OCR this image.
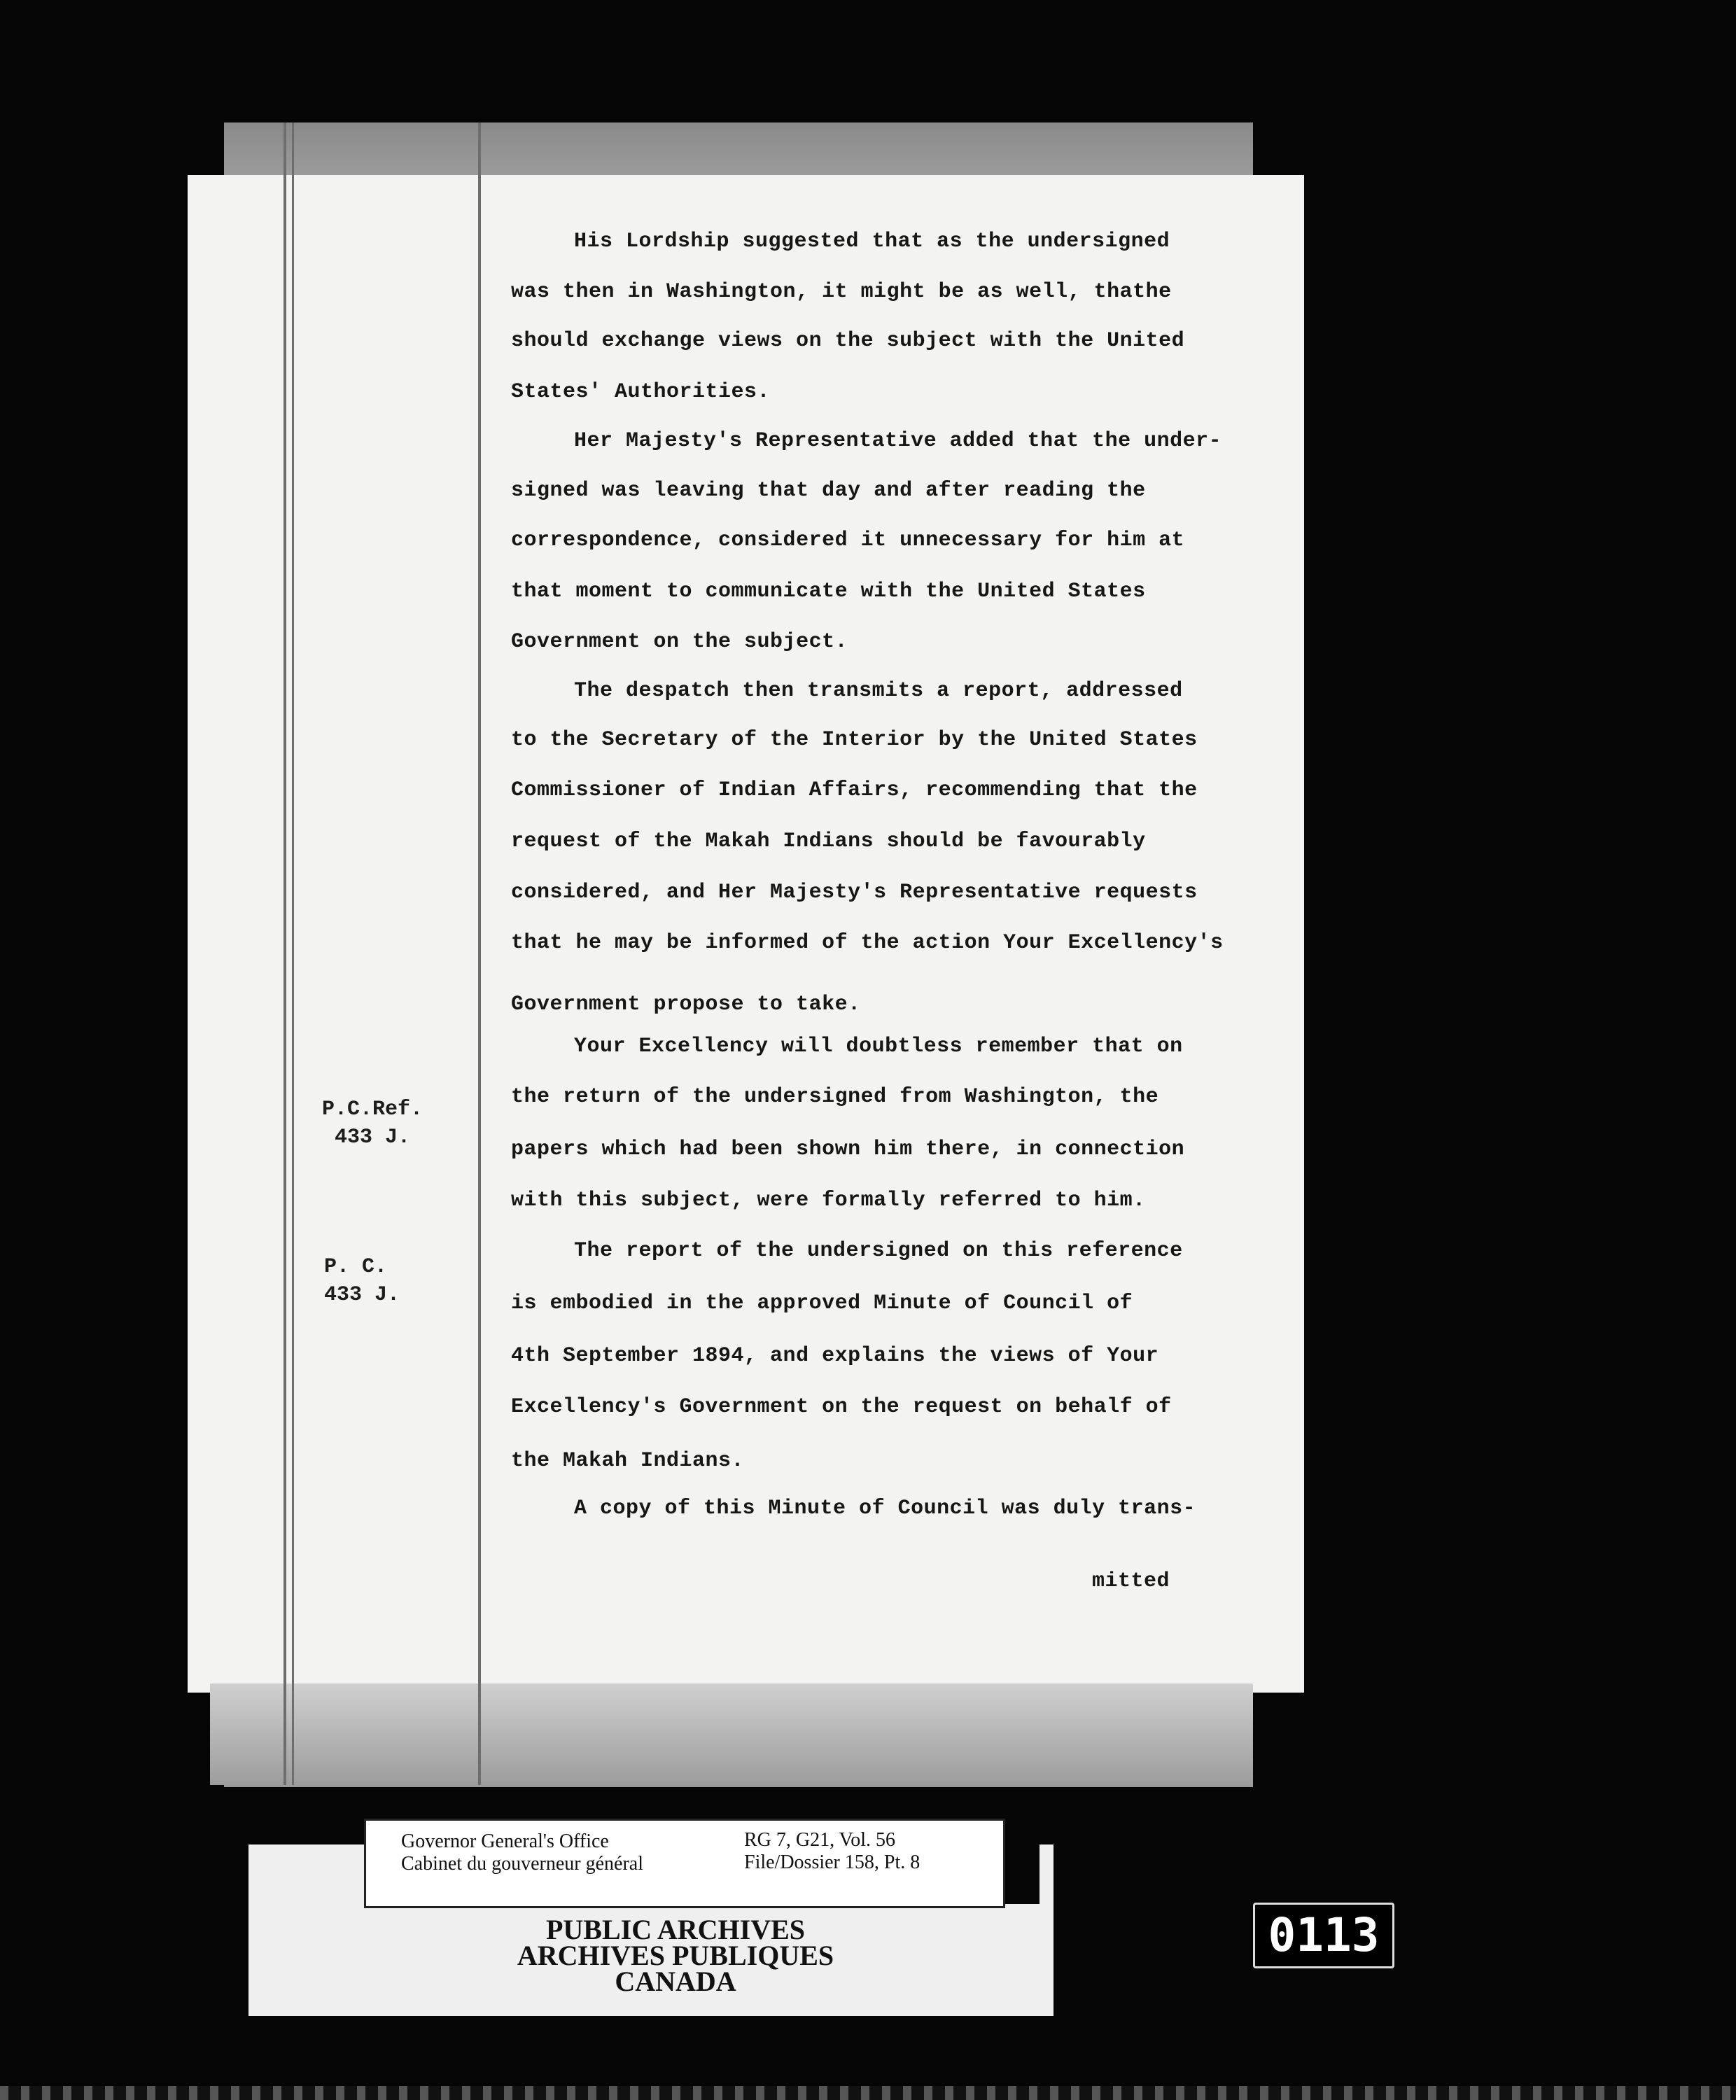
P.C.Ref.
433 J.
P. C.
433 J.
His Lordship suggested that as the undersigned
was then in Washington, it might be as well, thathe
should exchange views on the subject with the United
States' Authorities.
Her Majesty's Representative added that the under-
signed was leaving that day and after reading the
correspondence, considered it unnecessary for him at
that moment to communicate with the United States
Government on the subject.
The despatch then transmits a report, addressed
to the Secretary of the Interior by the United States
Commissioner of Indian Affairs, recommending that the
request of the Makah Indians should be favourably
considered, and Her Majesty's Representative requests
that he may be informed of the action Your Excellency's
Government propose to take.
Your Excellency will doubtless remember that on
the return of the undersigned from Washington, the
papers which had been shown him there, in connection
with this subject, were formally referred to him.
The report of the undersigned on this reference
is embodied in the approved Minute of Council of
4th September 1894, and explains the views of Your
Excellency's Government on the request on behalf of
the Makah Indians.
A copy of this Minute of Council was duly trans-
mitted
Governor General's Office
Cabinet du gouverneur général
RG 7, G21, Vol. 56
File/Dossier 158, Pt. 8
PUBLIC ARCHIVES
ARCHIVES PUBLIQUES
CANADA
0113
